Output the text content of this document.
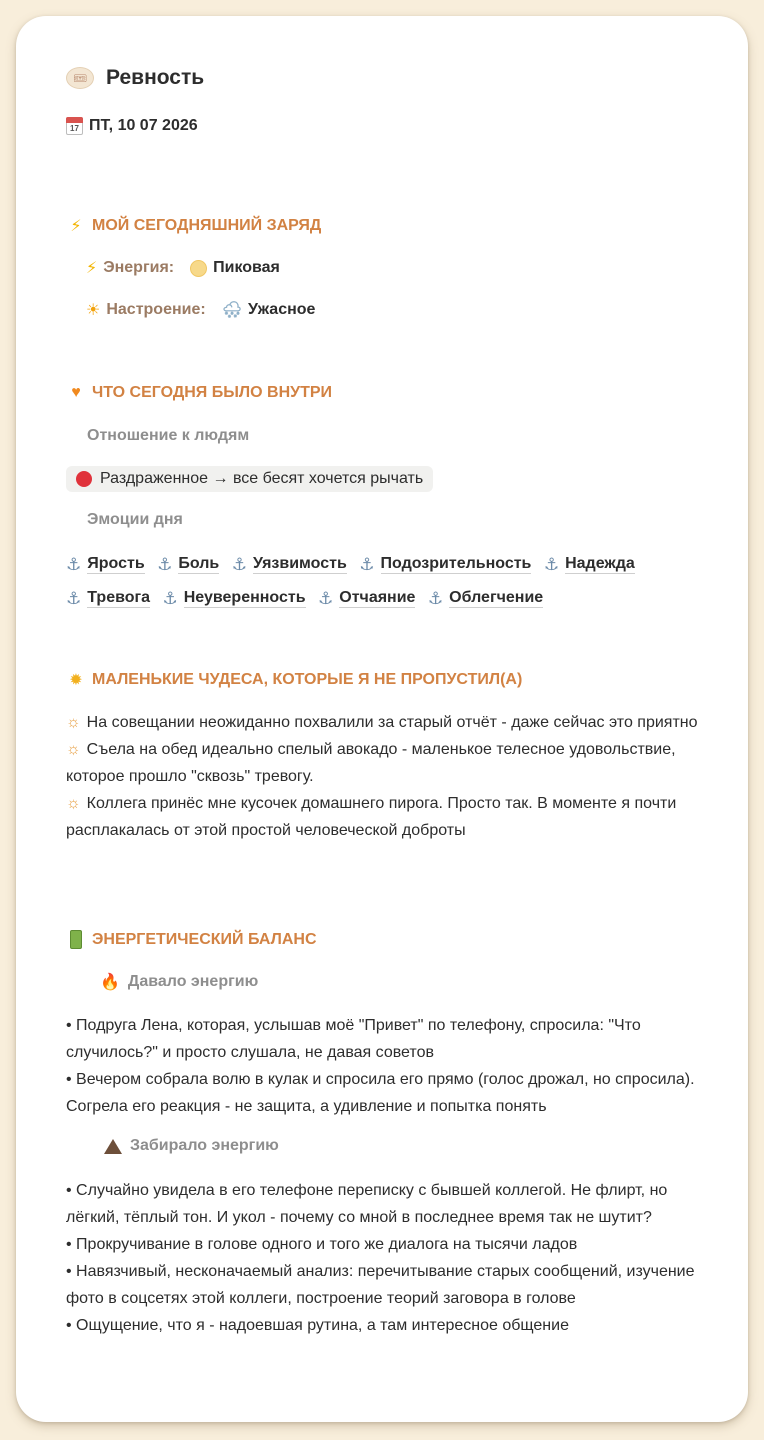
🎟 Ревность
17 ПТ, 10 07 2026
⚡ МОЙ СЕГОДНЯШНИЙ ЗАРЯД
⚡ Энергия: Пиковая
☀ Настроение: 🌨 Ужасное
♥ ЧТО СЕГОДНЯ БЫЛО ВНУТРИ
Отношение к людям
Раздраженное → все бесят хочется рычать
Эмоции дня
⚓ Ярость
⚓ Боль
⚓ Уязвимость
⚓ Подозрительность
⚓ Надежда

⚓ Тревога
⚓ Неуверенность
⚓ Отчаяние
⚓ Облегчение
✹ МАЛЕНЬКИЕ ЧУДЕСА, КОТОРЫЕ Я НЕ ПРОПУСТИЛ(А)
☼ На совещании неожиданно похвалили за старый отчёт - даже сейчас это приятно
☼ Съела на обед идеально спелый авокадо - маленькое телесное удовольствие, которое прошло "сквозь" тревогу.
☼ Коллега принёс мне кусочек домашнего пирога. Просто так. В моменте я почти расплакалась от этой простой человеческой доброты
ЭНЕРГЕТИЧЕСКИЙ БАЛАНС
🔥 Давало энергию
• Подруга Лена, которая, услышав моё "Привет" по телефону, спросила: "Что случилось?" и просто слушала, не давая советов
• Вечером собрала волю в кулак и спросила его прямо (голос дрожал, но спросила). Согрела его реакция - не защита, а удивление и попытка понять
Забирало энергию
• Случайно увидела в его телефоне переписку с бывшей коллегой. Не флирт, но лёгкий, тёплый тон. И укол - почему со мной в последнее время так не шутит?
• Прокручивание в голове одного и того же диалога на тысячи ладов
• Навязчивый, несконачаемый анализ: перечитывание старых сообщений, изучение фото в соцсетях этой коллеги, построение теорий заговора в голове
• Ощущение, что я - надоевшая рутина, а там интересное общение
